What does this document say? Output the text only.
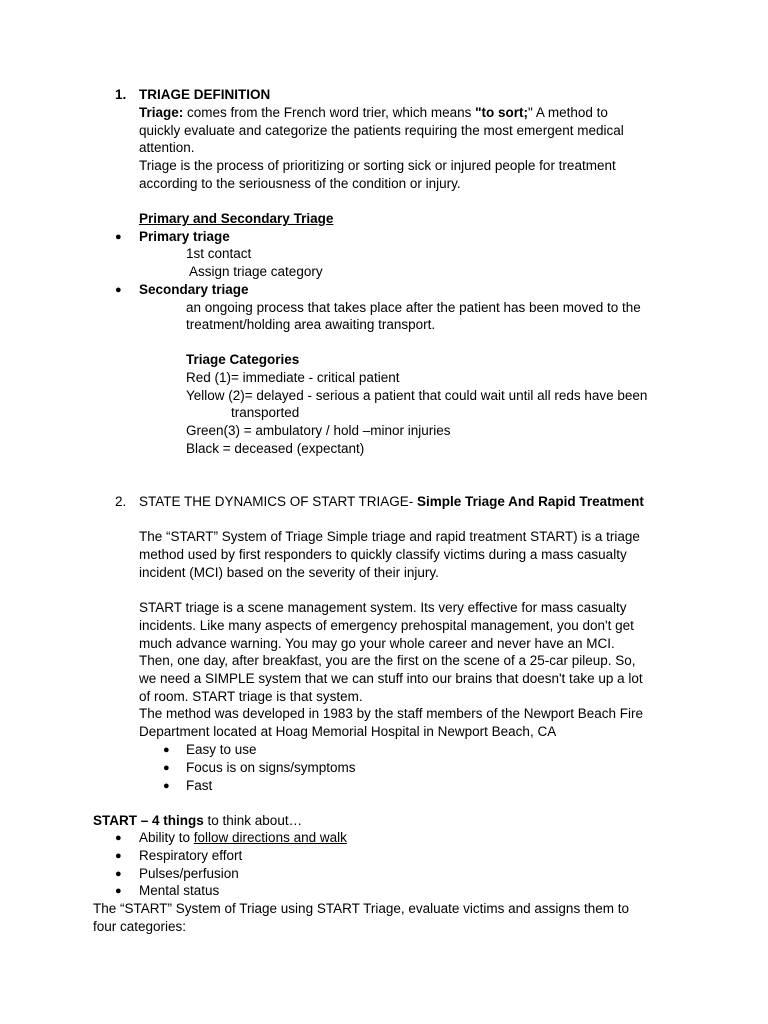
1. TRIAGE DEFINITION
Triage: comes from the French word trier, which means "to sort;" A method to
quickly evaluate and categorize the patients requiring the most emergent medical
attention.
Triage is the process of prioritizing or sorting sick or injured people for treatment
according to the seriousness of the condition or injury.
Primary and Secondary Triage
● Primary triage
1st contact
Assign triage category
● Secondary triage
an ongoing process that takes place after the patient has been moved to the
treatment/holding area awaiting transport.
Triage Categories
Red (1)= immediate - critical patient
Yellow (2)= delayed - serious a patient that could wait until all reds have been
transported
Green(3) = ambulatory / hold –minor injuries
Black = deceased (expectant)
2. STATE THE DYNAMICS OF START TRIAGE- Simple Triage And Rapid Treatment
The “START” System of Triage Simple triage and rapid treatment START) is a triage
method used by first responders to quickly classify victims during a mass casualty
incident (MCI) based on the severity of their injury.
START triage is a scene management system. Its very effective for mass casualty
incidents. Like many aspects of emergency prehospital management, you don't get
much advance warning. You may go your whole career and never have an MCI.
Then, one day, after breakfast, you are the first on the scene of a 25-car pileup. So,
we need a SIMPLE system that we can stuff into our brains that doesn't take up a lot
of room. START triage is that system.
The method was developed in 1983 by the staff members of the Newport Beach Fire
Department located at Hoag Memorial Hospital in Newport Beach, CA
● Easy to use
● Focus is on signs/symptoms
● Fast
START – 4 things to think about…
● Ability to follow directions and walk
● Respiratory effort
● Pulses/perfusion
● Mental status
The “START” System of Triage using START Triage, evaluate victims and assigns them to
four categories:
